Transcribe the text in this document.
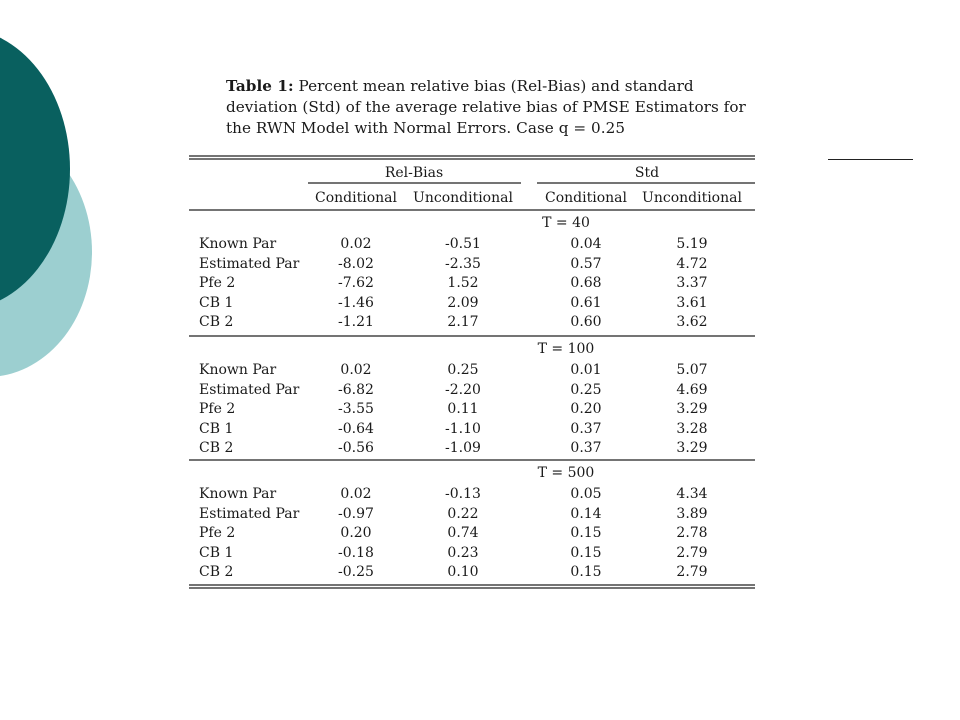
Table 1: Percent mean relative bias (Rel-Bias) and standard deviation (Std) of the average relative bias of PMSE Estimators for the RWN Model with Normal Errors. Case q = 0.25
Rel-Bias	Std
Conditional Unconditional Conditional Unconditional
T = 40
Known Par	0.02	-0.51	0.04	5.19
Estimated Par	-8.02	-2.35	0.57	4.72
Pfe 2	-7.62	1.52	0.68	3.37
CB 1	-1.46	2.09	0.61	3.61
CB 2	-1.21	2.17	0.60	3.62
T = 100
Known Par	0.02	0.25	0.01	5.07
Estimated Par	-6.82	-2.20	0.25	4.69
Pfe 2	-3.55	0.11	0.20	3.29
CB 1	-0.64	-1.10	0.37	3.28
CB 2	-0.56	-1.09	0.37	3.29
T = 500
Known Par	0.02	-0.13	0.05	4.34
Estimated Par	-0.97	0.22	0.14	3.89
Pfe 2	0.20	0.74	0.15	2.78
CB 1	-0.18	0.23	0.15	2.79
CB 2	-0.25	0.10	0.15	2.79
